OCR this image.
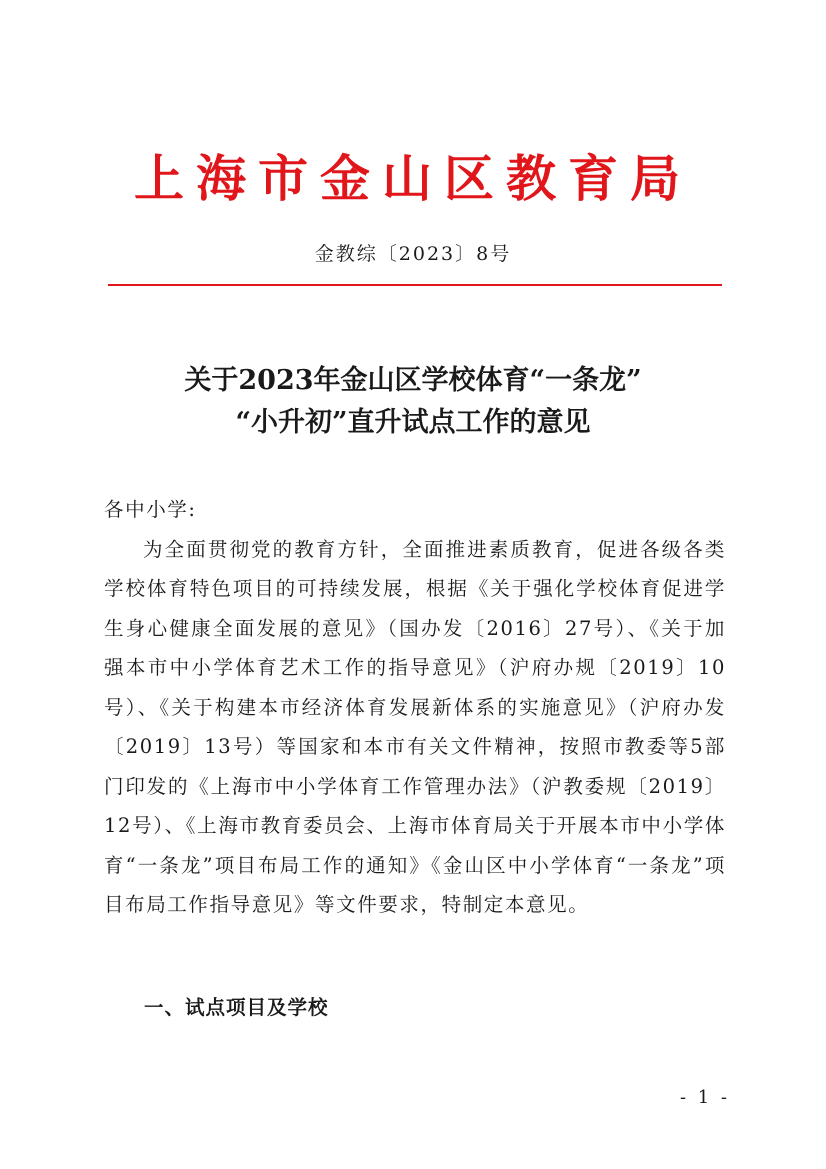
上海市金山区教育局
金教综〔2023〕8号
关于2023年金山区学校体育“一条龙”
“小升初”直升试点工作的意见

各中小学:

为全面贯彻党的教育方针，全面推进素质教育，促进各级各类学校体育特色项目的可持续发展，根据《关于强化学校体育促进学生身心健康全面发展的意见》（国办发〔2016〕27号）、《关于加强本市中小学体育艺术工作的指导意见》（沪府办规〔2019〕10号）、《关于构建本市经济体育发展新体系的实施意见》（沪府办发〔2019〕13号）等国家和本市有关文件精神，按照市教委等5部门印发的《上海市中小学体育工作管理办法》（沪教委规〔2019〕12号）、《上海市教育委员会、上海市体育局关于开展本市中小学体育“一条龙”项目布局工作的通知》《金山区中小学体育“一条龙”项目布局工作指导意见》等文件要求，特制定本意见。

一、试点项目及学校
- 1 -
